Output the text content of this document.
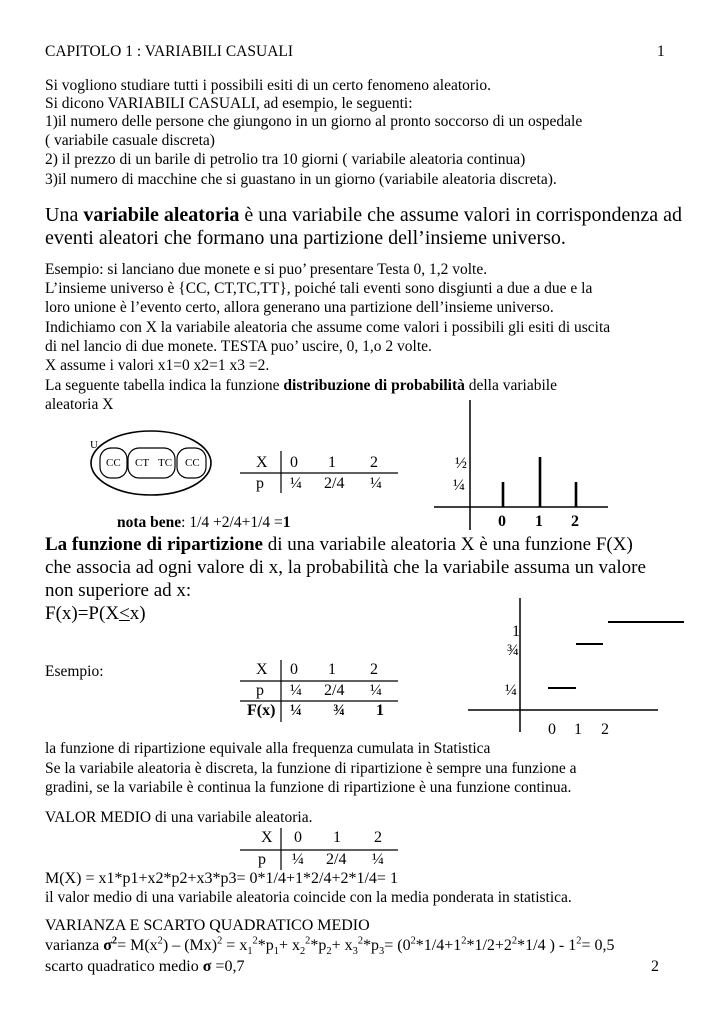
CAPITOLO 1 : VARIABILI CASUALI	1
Si vogliono studiare tutti i possibili esiti di un certo fenomeno aleatorio.
Si dicono VARIABILI CASUALI, ad esempio, le seguenti:
1)il numero delle persone che giungono in un giorno al pronto soccorso di un ospedale
( variabile casuale discreta)
2) il prezzo di un barile di petrolio tra 10 giorni ( variabile aleatoria continua)
3)il numero di macchine che si guastano in un giorno (variabile aleatoria discreta).
Una variabile aleatoria è una variabile che assume valori in corrispondenza ad
eventi aleatori che formano una partizione dell’insieme universo.
Esempio: si lanciano due monete e si puo’ presentare Testa 0, 1,2 volte.
L’insieme universo è {CC, CT,TC,TT}, poiché tali eventi sono disgiunti a due a due e la
loro unione è l’evento certo, allora generano una partizione dell’insieme universo.
Indichiamo con X la variabile aleatoria che assume come valori i possibili gli esiti di uscita
di nel lancio di due monete. TESTA puo’ uscire, 0, 1,o 2 volte.
X assume i valori x1=0 x2=1 x3 =2.
La seguente tabella indica la funzione distribuzione di probabilità della variabile
aleatoria X
U
CC CT TC CC	X 0 1 2
p ¼ 2/4 ¼
½
¼
0 1 2
nota bene: 1/4 +2/4+1/4 =1
La funzione di ripartizione di una variabile aleatoria X è una funzione F(X)
che associa ad ogni valore di x, la probabilità che la variabile assuma un valore
non superiore ad x:
F(x)=P(X<x)
Esempio:	X 0 1 2
p ¼ 2/4 ¼
F(x) ¼ ¾ 1
1
¾
¼
0 1 2
la funzione di ripartizione equivale alla frequenza cumulata in Statistica
Se la variabile aleatoria è discreta, la funzione di ripartizione è sempre una funzione a
gradini, se la variabile è continua la funzione di ripartizione è una funzione continua.
VALOR MEDIO di una variabile aleatoria.
X 0 1 2
p ¼ 2/4 ¼
M(X) = x1*p1+x2*p2+x3*p3= 0*1/4+1*2/4+2*1/4= 1
il valor medio di una variabile aleatoria coincide con la media ponderata in statistica.
VARIANZA E SCARTO QUADRATICO MEDIO
varianza $\sigma^2= M(x^2) - (Mx)^2 = x_1^2*p_1+ x_2^2*p_2+ x_3^2*p_3= (0^2*1/4+1^2*1/2+2^2*1/4$ ) - $1^2= 0,5$
scarto quadratico medio σ =0,7	2
